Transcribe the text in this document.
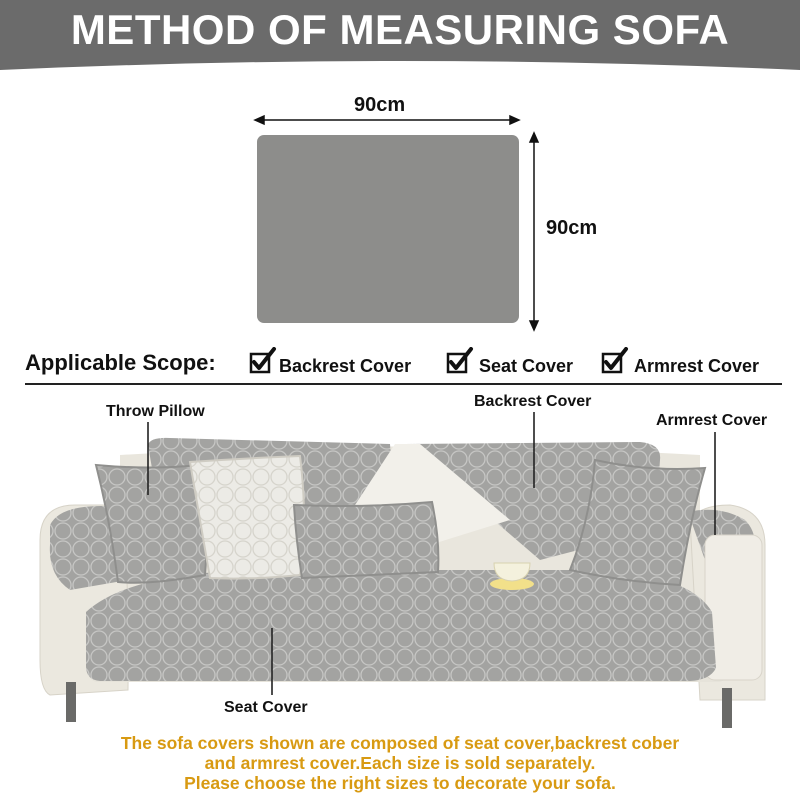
METHOD OF MEASURING SOFA
90cm
90cm
Applicable Scope:	Backrest Cover	Seat Cover	Armrest Cover
Throw Pillow
Backrest Cover
Armrest Cover
Seat Cover
The sofa covers shown are composed of seat cover,backrest cober
and armrest cover.Each size is sold separately.
Please choose the right sizes to decorate your sofa.
